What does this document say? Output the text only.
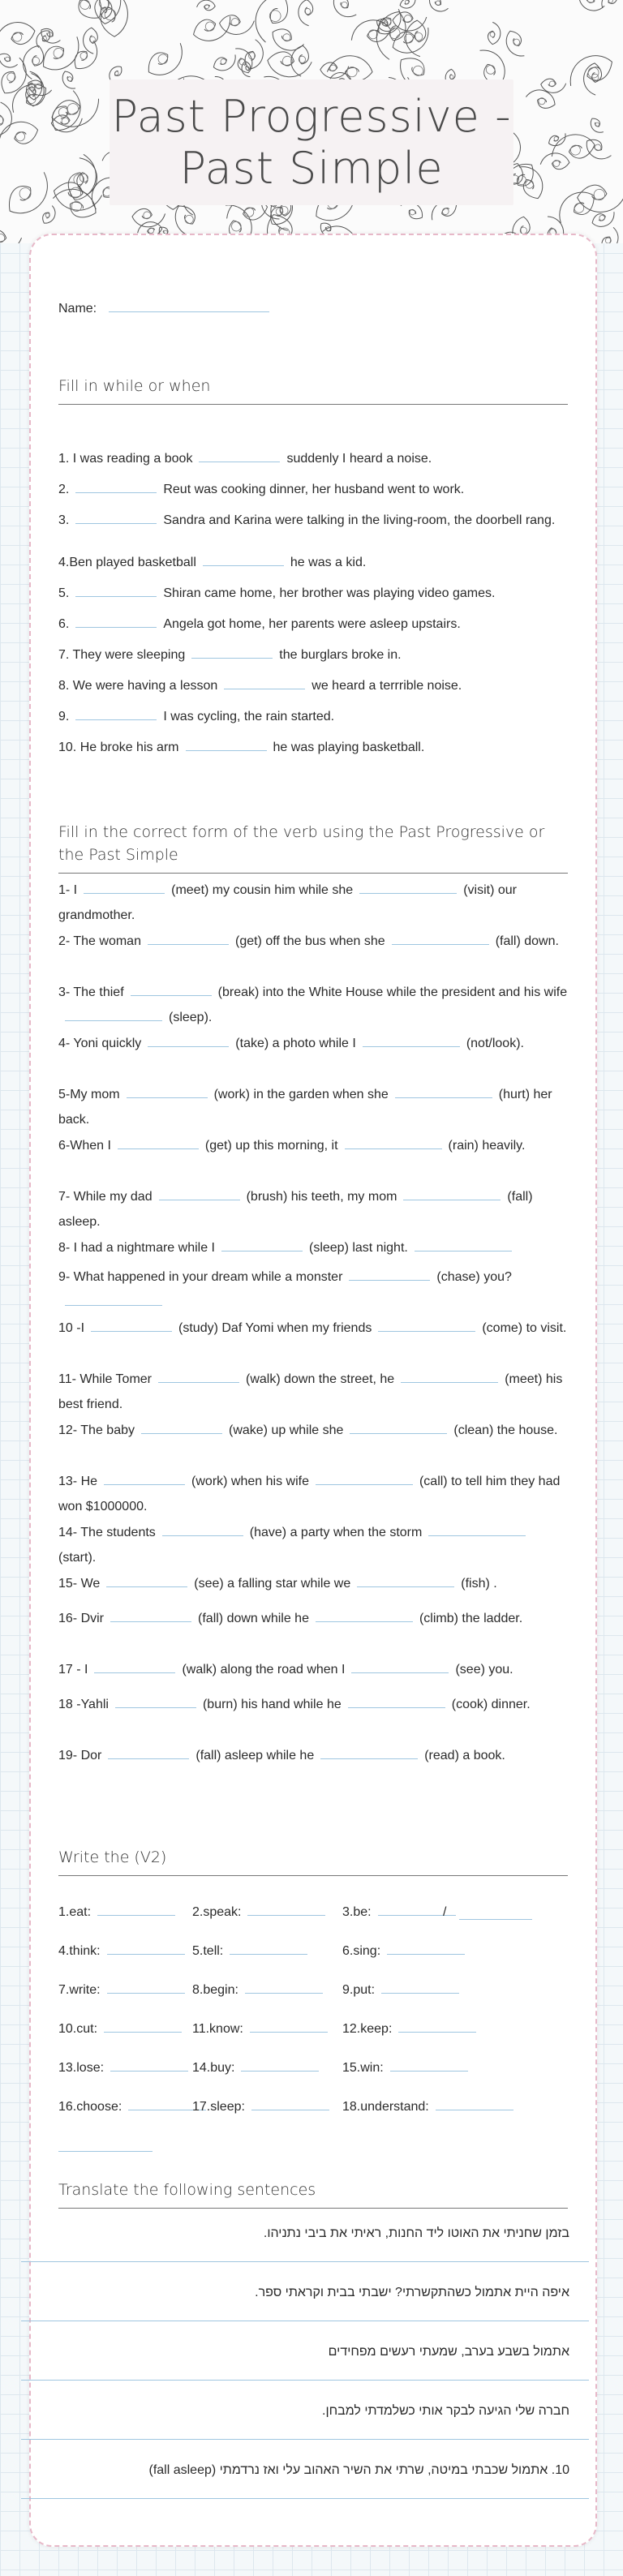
Past Progressive -
Past Simple
Name:
Fill in while or when
1. I was reading a book	suddenly I heard a noise.
2.	Reut was cooking dinner, her husband went to work.
3.	Sandra and Karina were talking in the living-room, the doorbell rang.
4.Ben played basketball	he was a kid.
5.	Shiran came home, her brother was playing video games.
6.	Angela got home, her parents were asleep upstairs.
7. They were sleeping	the burglars broke in.
8. We were having a lesson	we heard a terrrible noise.
9.	I was cycling, the rain started.
10. He broke his arm	he was playing basketball.
Fill in the correct form of the verb using the Past Progressive or the Past Simple
1- I	(meet) my cousin him while she	(visit) our grandmother.
2- The woman	(get) off the bus when she	(fall) down.
3- The thief	(break) into the White House while the president and his wife(sleep).
4- Yoni quickly	(take) a photo while I	(not/look).
5-My mom	(work) in the garden when she	(hurt) her back.
6-When I	(get) up this morning, it	(rain) heavily.
7- While my dad	(brush) his teeth, my mom	(fall) asleep.
8- I had a nightmare while I	(sleep) last night.
9- What happened in your dream while a monster	(chase) you?
10 -I	(study) Daf Yomi when my friends	(come) to visit.
11- While Tomer	(walk) down the street, he	(meet) his best friend.
12- The baby	(wake) up while she	(clean) the house.
13- He	(work) when his wife	(call) to tell him they had won $1000000.
14- The students	(have) a party when the storm(start).
15- We	(see) a falling star while we	(fish) .
16- Dvir	(fall) down while he	(climb) the ladder.
17 - I	(walk) along the road when I	(see) you.
18 -Yahli	(burn) his hand while he	(cook) dinner.
19- Dor	(fall) asleep while he	(read) a book.
Write the (V2)
1.eat:	2.speak:	3.be:	/
4.think:	5.tell:	6.sing:
7.write:	8.begin:	9.put:
10.cut:	11.know:	12.keep:
13.lose:	14.buy:	15.win:
16.choose:	17.sleep:	18.understand:
Translate the following sentences
בזמן שחניתי את האוטו ליד החנות, ראיתי את ביבי נתניהו.
איפה היית אתמול כשהתקשרתי? ישבתי בבית וקראתי ספר.
אתמול בשבע בערב, שמעתי רעשים מפחידים
חברה שלי הגיעה לבקר אותי כשלמדתי למבחן.
10. אתמול שכבתי במיטה, שרתי את השיר האהוב עלי ואז נרדמתי (fall asleep)
